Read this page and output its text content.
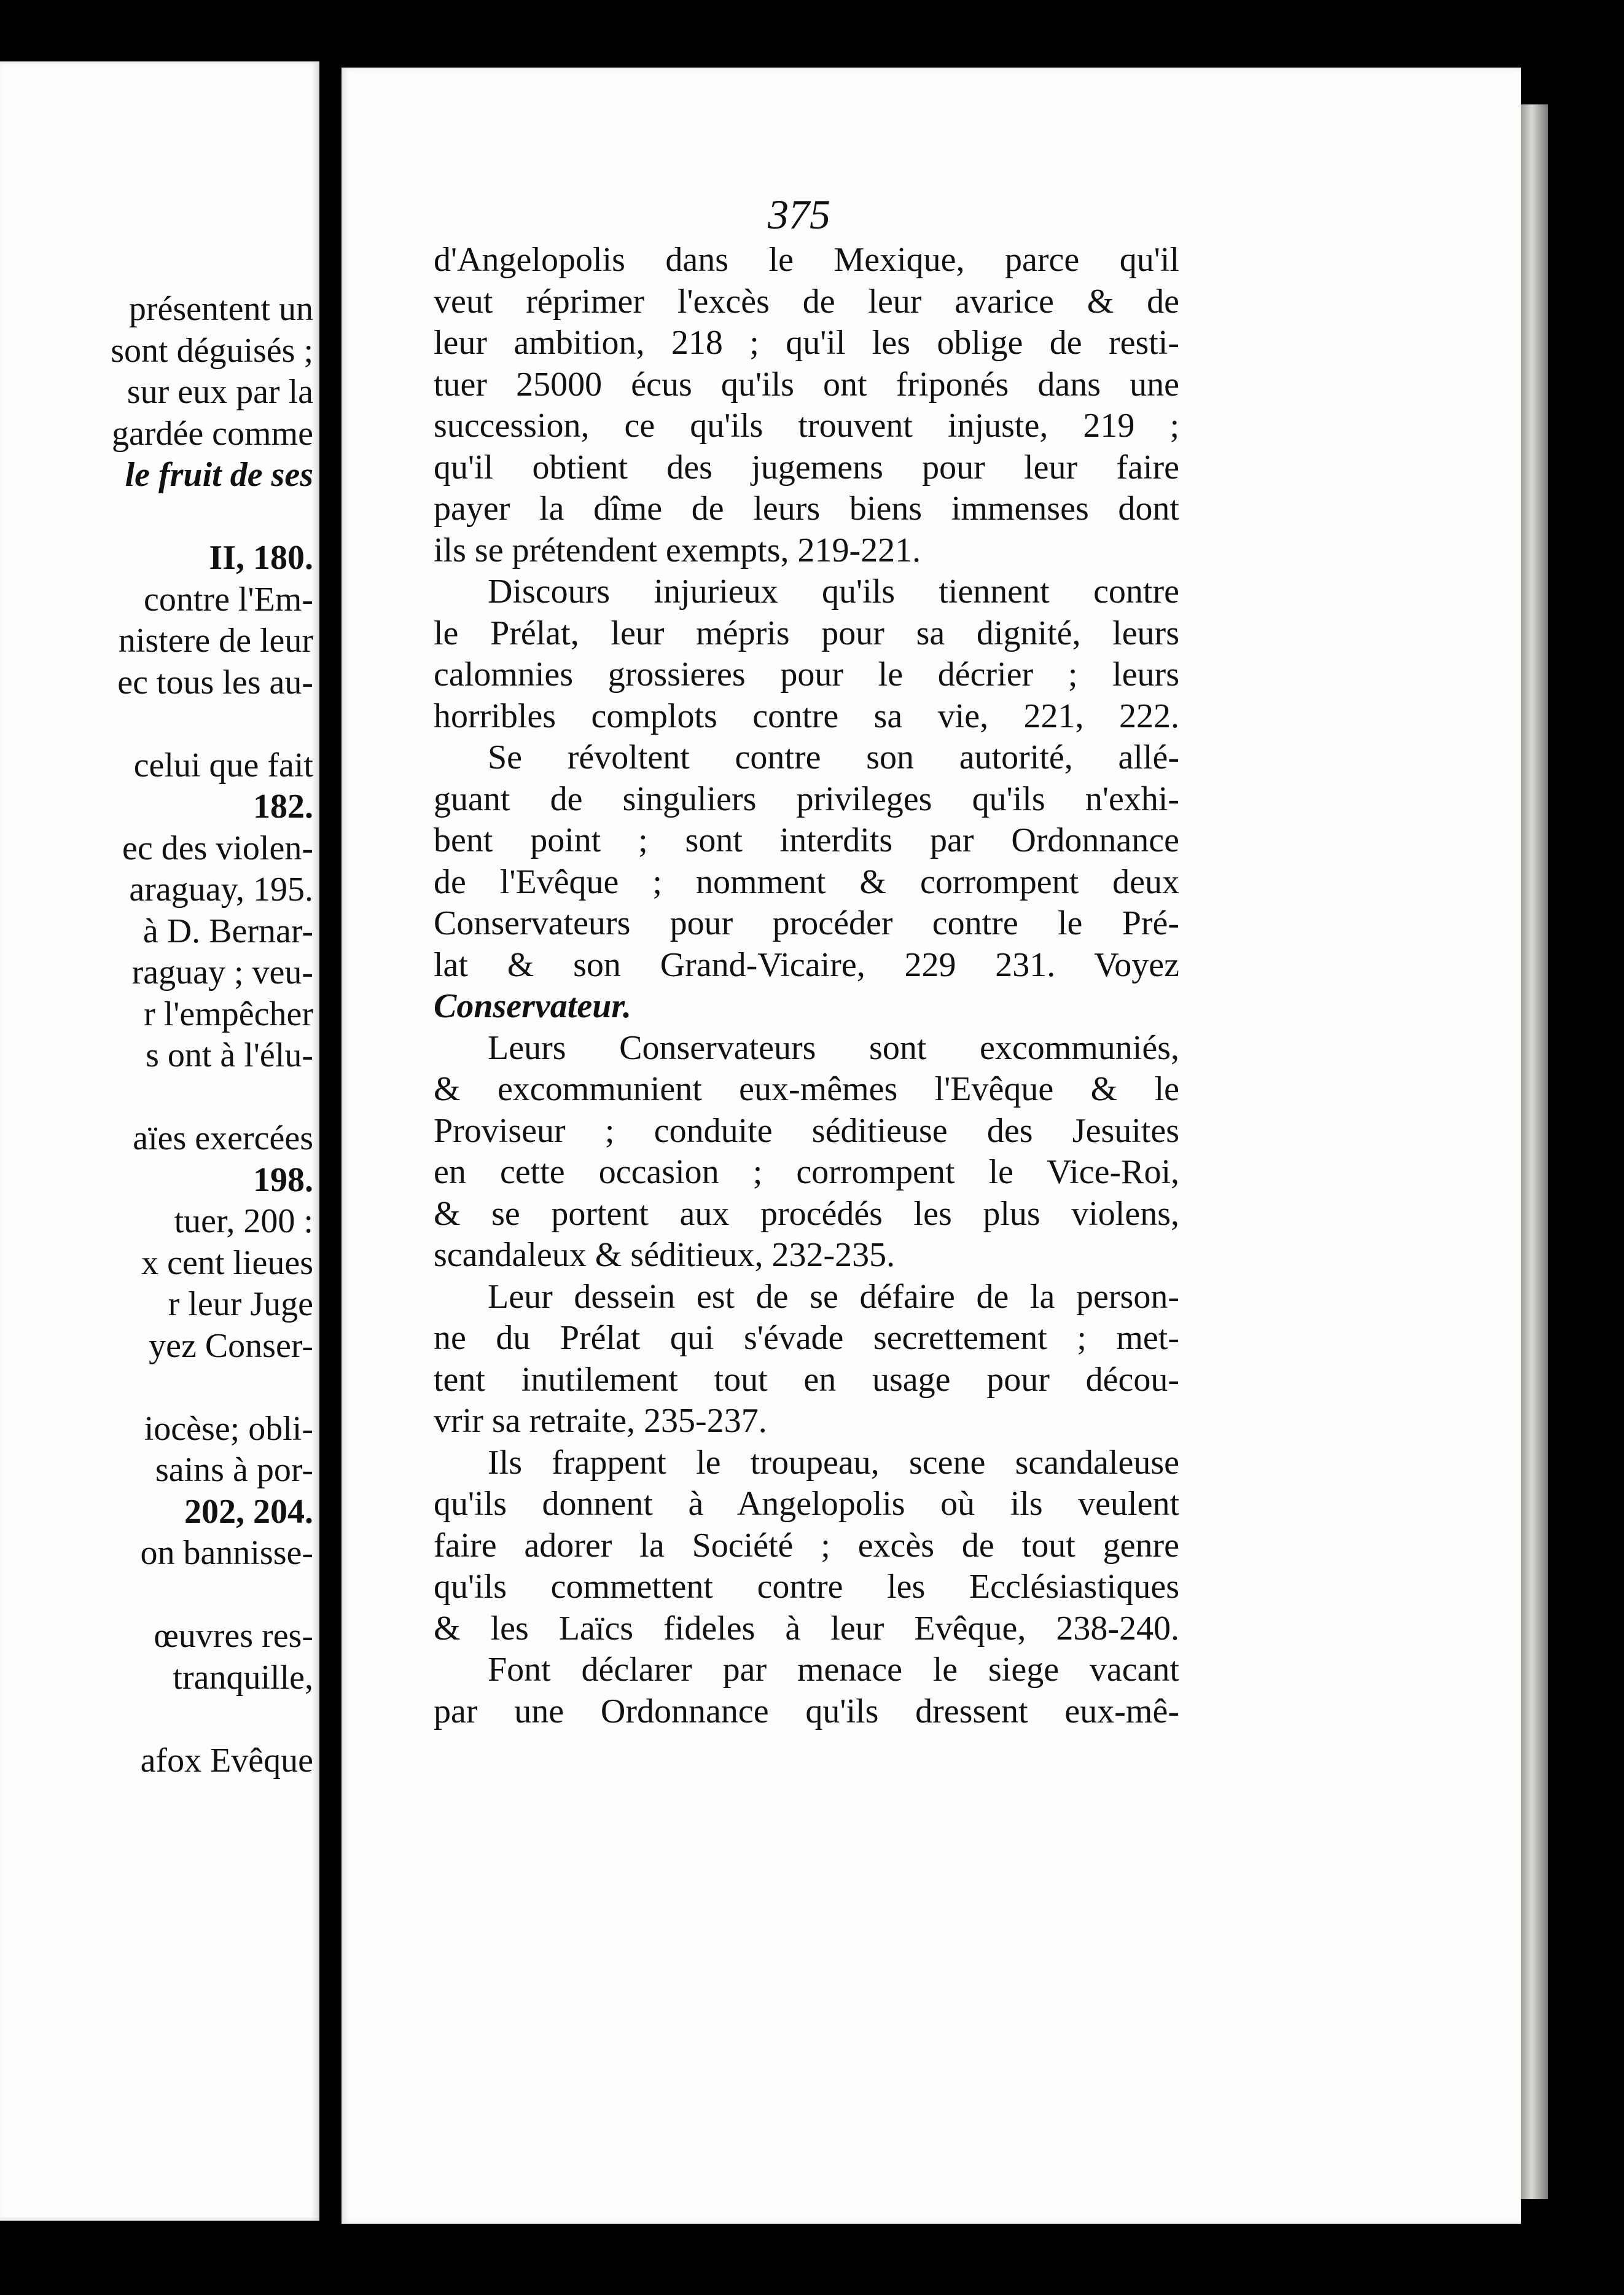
présentent un
sont déguisés ;
sur eux par la
gardée comme
le fruit de ses
II, 180.
contre l'Em-
nistere de leur
ec tous les au-
celui que fait
182.
ec des violen-
araguay, 195.
à D. Bernar-
raguay ; veu-
r l'empêcher
s ont à l'élu-
aïes exercées
198.
tuer, 200 :
x cent lieues
r leur Juge
yez Conser-
iocèse; obli-
sains à por-
202, 204.
on bannisse-
œuvres res-
tranquille,
afox Evêque
375
d'Angelopolis dans le Mexique, parce qu'il
veut réprimer l'excès de leur avarice & de
leur ambition, 218 ; qu'il les oblige de resti-
tuer 25000 écus qu'ils ont friponés dans une
succession, ce qu'ils trouvent injuste, 219 ;
qu'il obtient des jugemens pour leur faire
payer la dîme de leurs biens immenses dont
ils se prétendent exempts, 219-221.
Discours injurieux qu'ils tiennent contre
le Prélat, leur mépris pour sa dignité, leurs
calomnies grossieres pour le décrier ; leurs
horribles complots contre sa vie, 221, 222.
Se révoltent contre son autorité, allé-
guant de singuliers privileges qu'ils n'exhi-
bent point ; sont interdits par Ordonnance
de l'Evêque ; nomment & corrompent deux
Conservateurs pour procéder contre le Pré-
lat & son Grand-Vicaire, 229 231. Voyez
Conservateur.
Leurs Conservateurs sont excommuniés,
& excommunient eux-mêmes l'Evêque & le
Proviseur ; conduite séditieuse des Jesuites
en cette occasion ; corrompent le Vice-Roi,
& se portent aux procédés les plus violens,
scandaleux & séditieux, 232-235.
Leur dessein est de se défaire de la person-
ne du Prélat qui s'évade secrettement ; met-
tent inutilement tout en usage pour décou-
vrir sa retraite, 235-237.
Ils frappent le troupeau, scene scandaleuse
qu'ils donnent à Angelopolis où ils veulent
faire adorer la Société ; excès de tout genre
qu'ils commettent contre les Ecclésiastiques
& les Laïcs fideles à leur Evêque, 238-240.
Font déclarer par menace le siege vacant
par une Ordonnance qu'ils dressent eux-mê-
